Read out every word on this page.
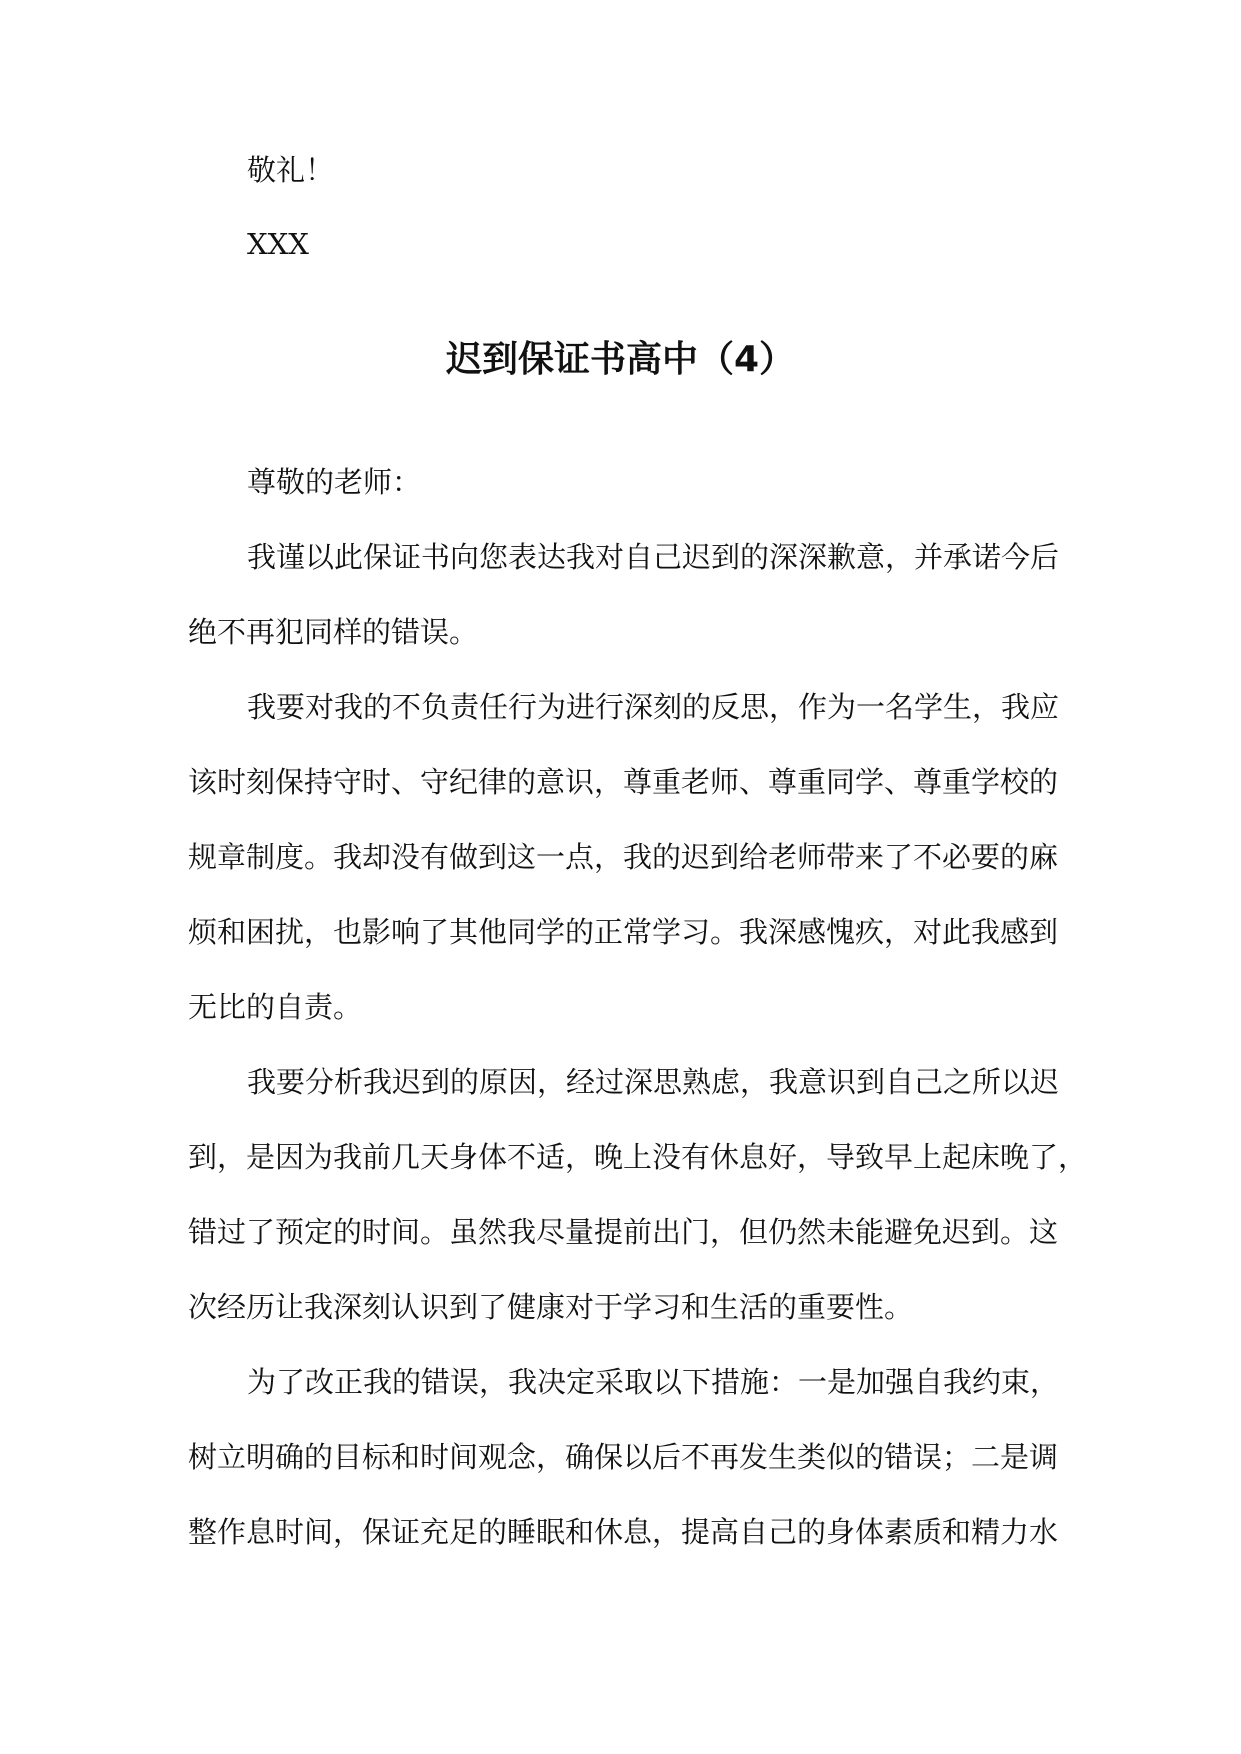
敬礼！
XXX
迟到保证书高中（4）
尊敬的老师：
我谨以此保证书向您表达我对自己迟到的深深歉意，并承诺今后
绝不再犯同样的错误。
我要对我的不负责任行为进行深刻的反思，作为一名学生，我应
该时刻保持守时、守纪律的意识，尊重老师、尊重同学、尊重学校的
规章制度。我却没有做到这一点，我的迟到给老师带来了不必要的麻
烦和困扰，也影响了其他同学的正常学习。我深感愧疚，对此我感到
无比的自责。
我要分析我迟到的原因，经过深思熟虑，我意识到自己之所以迟
到，是因为我前几天身体不适，晚上没有休息好，导致早上起床晚了，
错过了预定的时间。虽然我尽量提前出门，但仍然未能避免迟到。这
次经历让我深刻认识到了健康对于学习和生活的重要性。
为了改正我的错误，我决定采取以下措施：一是加强自我约束，
树立明确的目标和时间观念，确保以后不再发生类似的错误；二是调
整作息时间，保证充足的睡眠和休息，提高自己的身体素质和精力水
